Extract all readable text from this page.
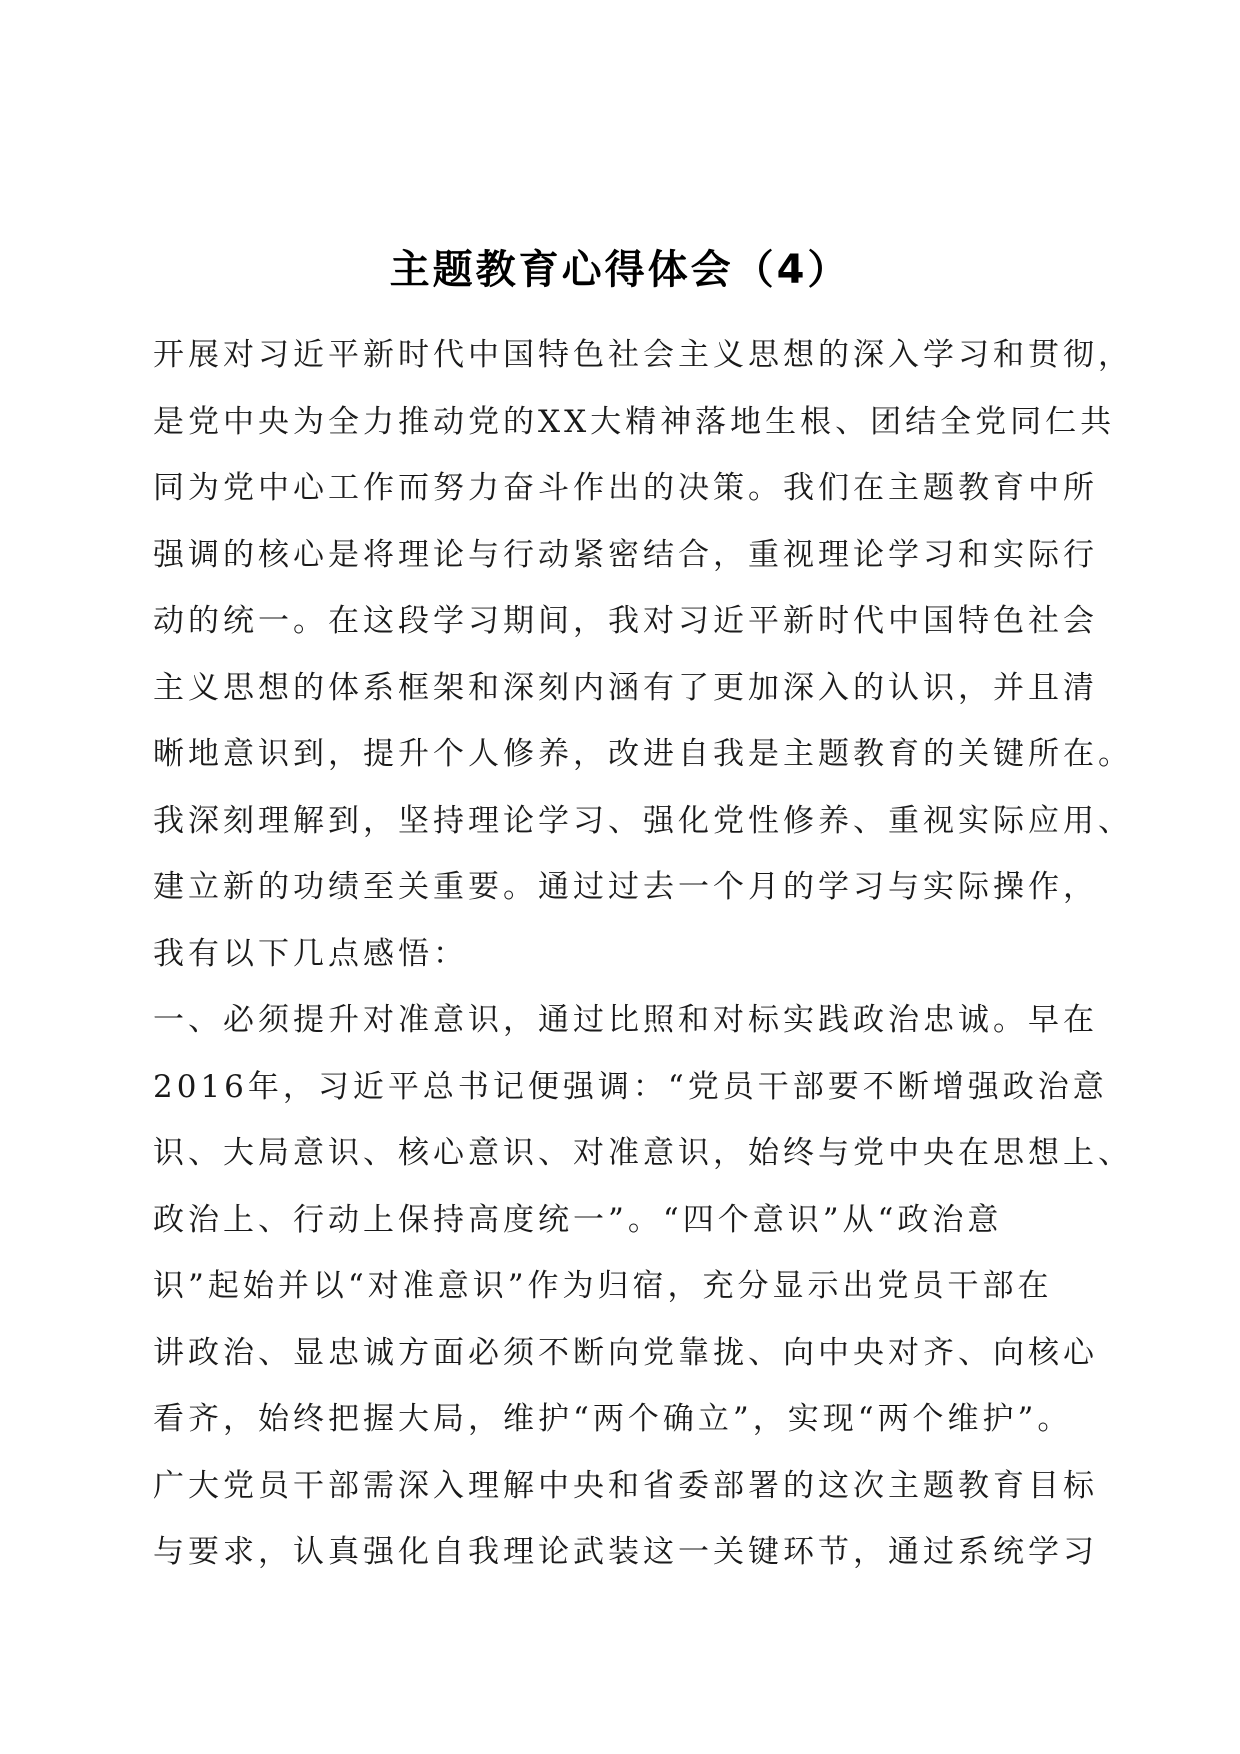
主题教育心得体会（4）
开展对习近平新时代中国特色社会主义思想的深入学习和贯彻，
是党中央为全力推动党的XX大精神落地生根、团结全党同仁共
同为党中心工作而努力奋斗作出的决策。我们在主题教育中所
强调的核心是将理论与行动紧密结合，重视理论学习和实际行
动的统一。在这段学习期间，我对习近平新时代中国特色社会
主义思想的体系框架和深刻内涵有了更加深入的认识，并且清
晰地意识到，提升个人修养，改进自我是主题教育的关键所在。
我深刻理解到，坚持理论学习、强化党性修养、重视实际应用、
建立新的功绩至关重要。通过过去一个月的学习与实际操作，
我有以下几点感悟：
一、必须提升对准意识，通过比照和对标实践政治忠诚。早在
2016年，习近平总书记便强调：“党员干部要不断增强政治意
识、大局意识、核心意识、对准意识，始终与党中央在思想上、
政治上、行动上保持高度统一”。“四个意识”从“政治意
识”起始并以“对准意识”作为归宿，充分显示出党员干部在
讲政治、显忠诚方面必须不断向党靠拢、向中央对齐、向核心
看齐，始终把握大局，维护“两个确立”，实现“两个维护”。
广大党员干部需深入理解中央和省委部署的这次主题教育目标
与要求，认真强化自我理论武装这一关键环节，通过系统学习
